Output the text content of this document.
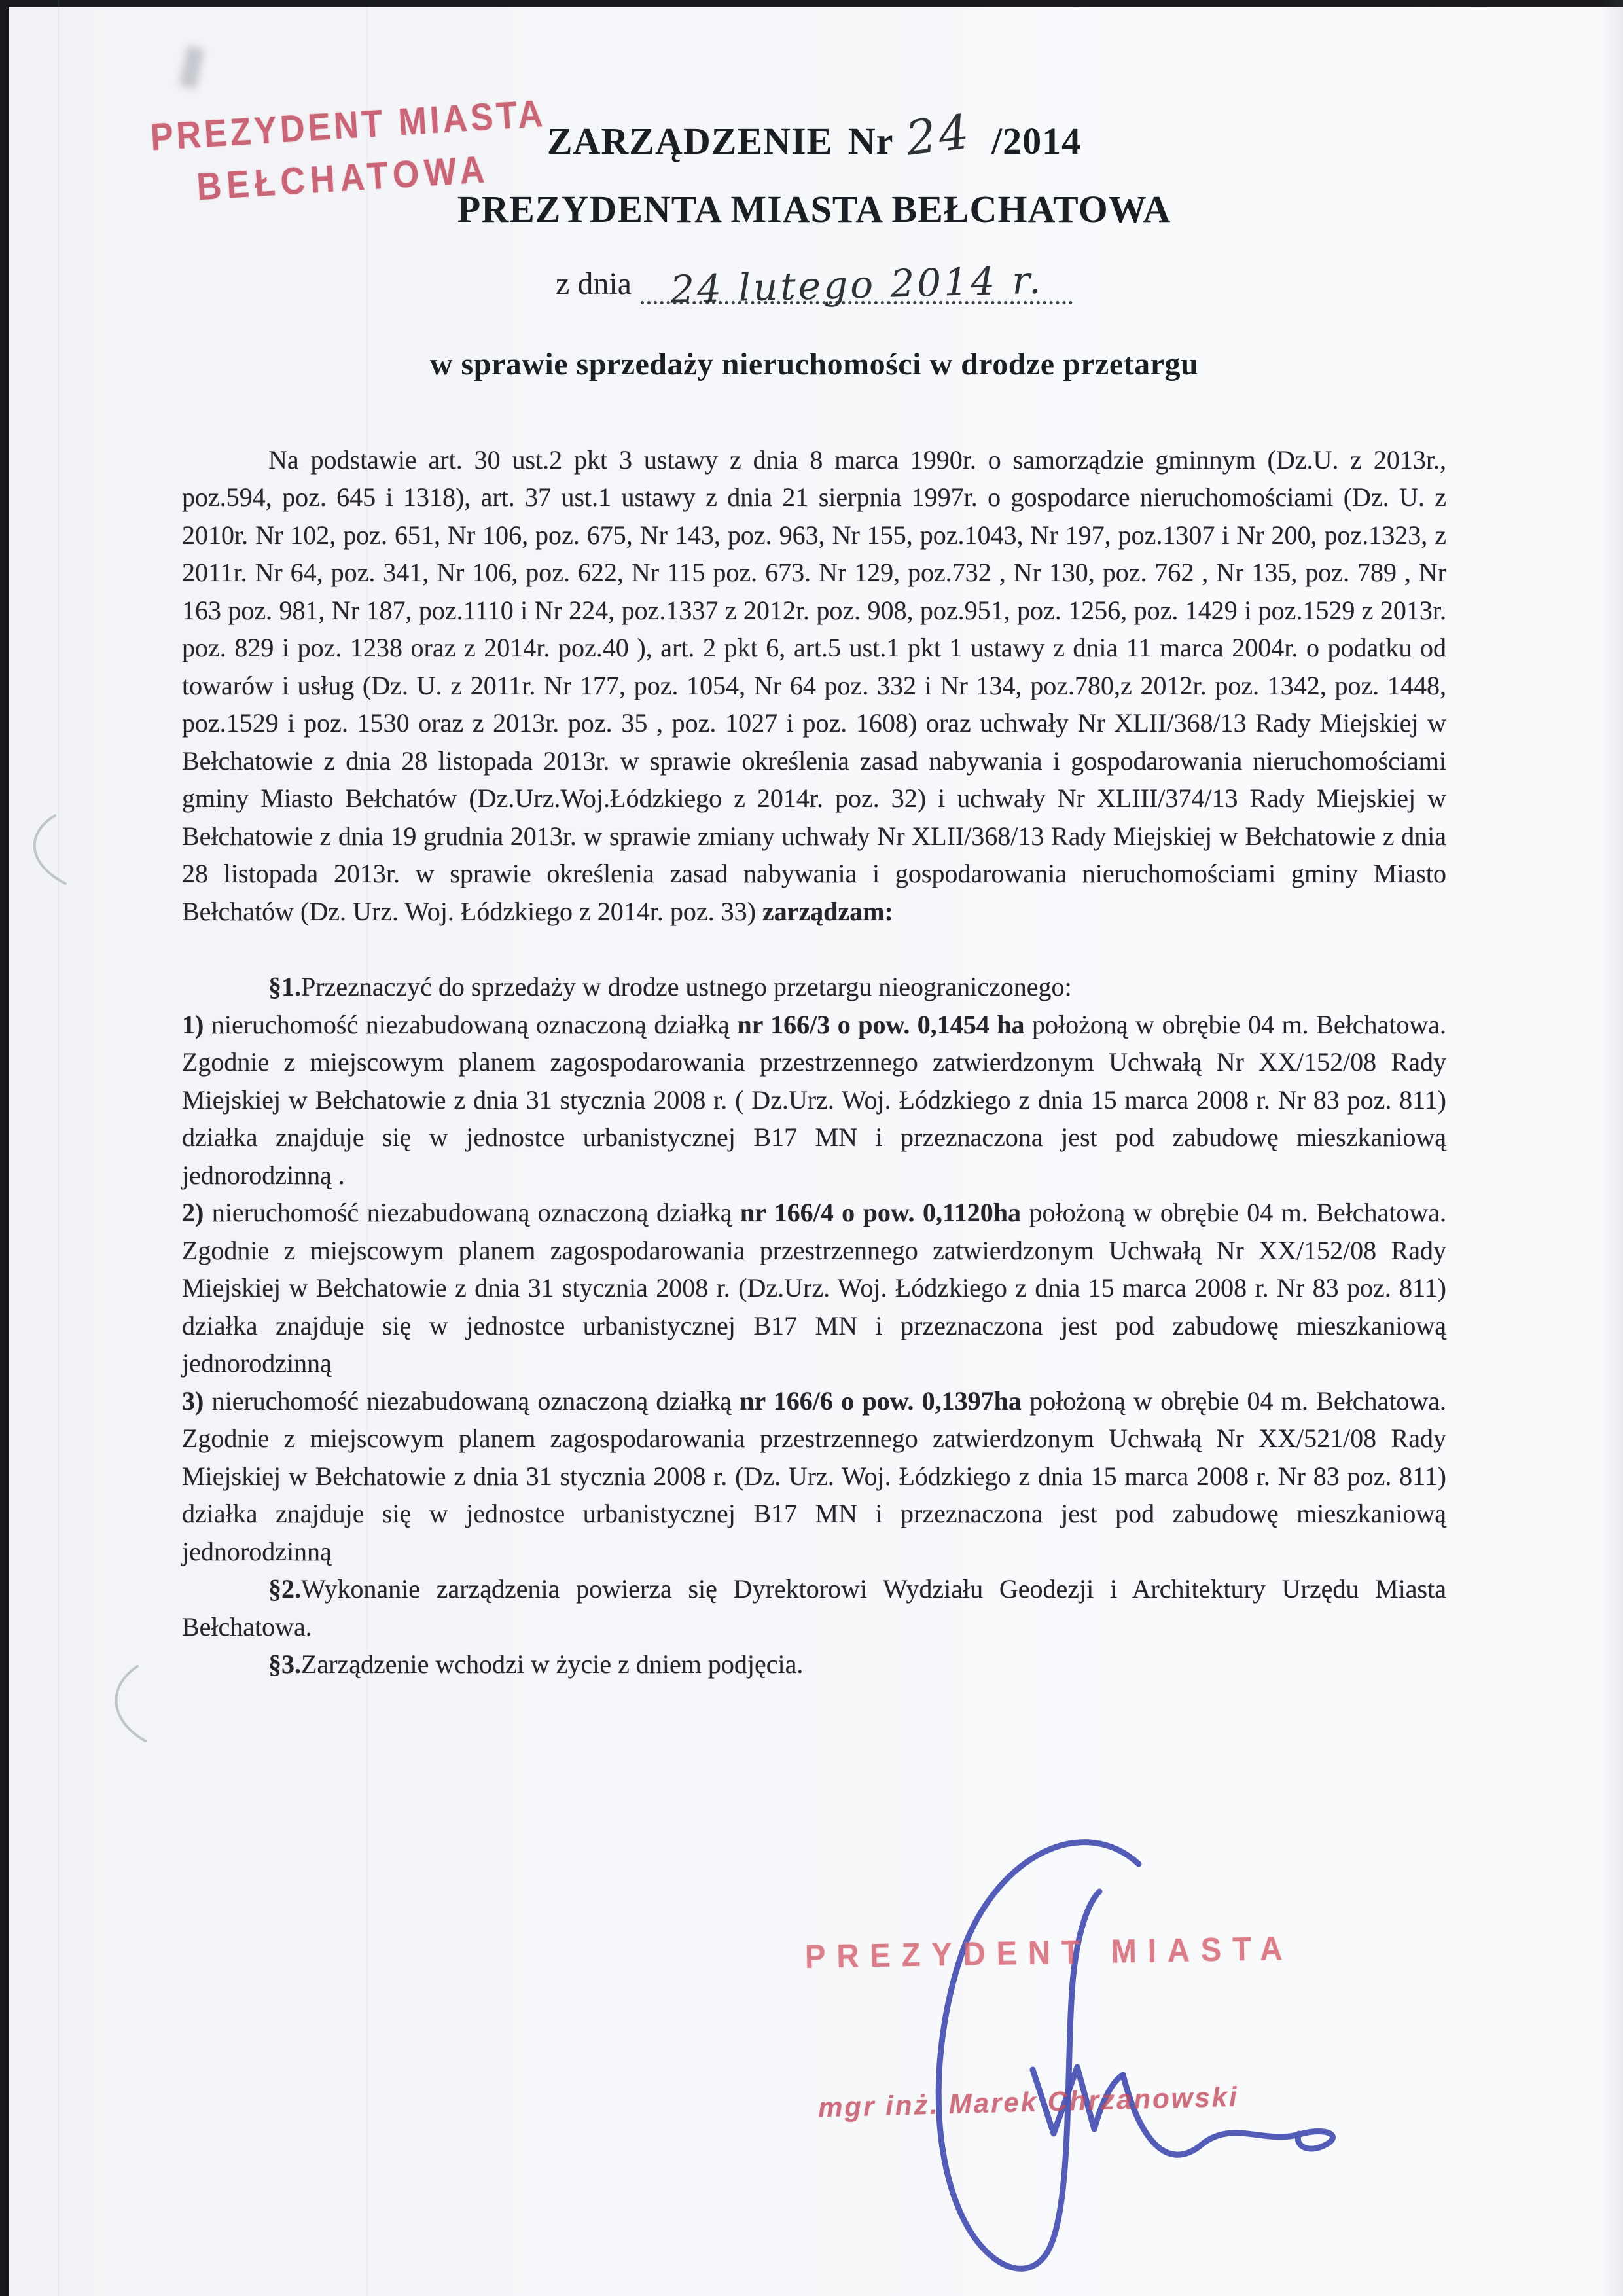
PREZYDENT MIASTA
BEŁCHATOWA
ZARZĄDZENIE Nr 24 /2014
PREZYDENTA MIASTA BEŁCHATOWA
z dnia 24 lutego 2014 r.
w sprawie sprzedaży nieruchomości w drodze przetargu

Na podstawie art. 30 ust.2 pkt 3 ustawy z dnia 8 marca 1990r. o samorządzie gminnym (Dz.U. z 2013r., poz.594, poz. 645 i 1318), art. 37 ust.1 ustawy z dnia 21 sierpnia 1997r. o gospodarce nieruchomościami (Dz. U. z 2010r. Nr 102, poz. 651, Nr 106, poz. 675, Nr 143, poz. 963, Nr 155, poz.1043, Nr 197, poz.1307 i Nr 200, poz.1323, z 2011r. Nr 64, poz. 341, Nr 106, poz. 622, Nr 115 poz. 673. Nr 129, poz.732 , Nr 130, poz. 762 , Nr 135, poz. 789 , Nr 163 poz. 981, Nr 187, poz.1110 i Nr 224, poz.1337 z 2012r. poz. 908, poz.951, poz. 1256, poz. 1429 i poz.1529 z 2013r. poz. 829 i poz. 1238 oraz z 2014r. poz.40 ), art. 2 pkt 6, art.5 ust.1 pkt 1 ustawy z dnia 11 marca 2004r. o podatku od towarów i usług (Dz. U. z 2011r. Nr 177, poz. 1054, Nr 64 poz. 332 i Nr 134, poz.780,z 2012r. poz. 1342, poz. 1448, poz.1529 i poz. 1530 oraz z 2013r. poz. 35 , poz. 1027 i poz. 1608) oraz uchwały Nr XLII/368/13 Rady Miejskiej w Bełchatowie z dnia 28 listopada 2013r. w sprawie określenia zasad nabywania i gospodarowania nieruchomościami gminy Miasto Bełchatów (Dz.Urz.Woj.Łódzkiego z 2014r. poz. 32) i uchwały Nr XLIII/374/13 Rady Miejskiej w Bełchatowie z dnia 19 grudnia 2013r. w sprawie zmiany uchwały Nr XLII/368/13 Rady Miejskiej w Bełchatowie z dnia 28 listopada 2013r. w sprawie określenia zasad nabywania i gospodarowania nieruchomościami gminy Miasto Bełchatów (Dz. Urz. Woj. Łódzkiego z 2014r. poz. 33) zarządzam:

§1.Przeznaczyć do sprzedaży w drodze ustnego przetargu nieograniczonego:

1) nieruchomość niezabudowaną oznaczoną działką nr 166/3 o pow. 0,1454 ha położoną w obrębie 04 m. Bełchatowa. Zgodnie z miejscowym planem zagospodarowania przestrzennego zatwierdzonym Uchwałą Nr XX/152/08 Rady Miejskiej w Bełchatowie z dnia 31 stycznia 2008 r. ( Dz.Urz. Woj. Łódzkiego z dnia 15 marca 2008 r. Nr 83 poz. 811) działka znajduje się w jednostce urbanistycznej B17 MN i przeznaczona jest pod zabudowę mieszkaniową jednorodzinną .

2) nieruchomość niezabudowaną oznaczoną działką nr 166/4 o pow. 0,1120ha położoną w obrębie 04 m. Bełchatowa. Zgodnie z miejscowym planem zagospodarowania przestrzennego zatwierdzonym Uchwałą Nr XX/152/08 Rady Miejskiej w Bełchatowie z dnia 31 stycznia 2008 r. (Dz.Urz. Woj. Łódzkiego z dnia 15 marca 2008 r. Nr 83 poz. 811) działka znajduje się w jednostce urbanistycznej B17 MN i przeznaczona jest pod zabudowę mieszkaniową jednorodzinną

3) nieruchomość niezabudowaną oznaczoną działką nr 166/6 o pow. 0,1397ha położoną w obrębie 04 m. Bełchatowa. Zgodnie z miejscowym planem zagospodarowania przestrzennego zatwierdzonym Uchwałą Nr XX/521/08 Rady Miejskiej w Bełchatowie z dnia 31 stycznia 2008 r. (Dz. Urz. Woj. Łódzkiego z dnia 15 marca 2008 r. Nr 83 poz. 811) działka znajduje się w jednostce urbanistycznej B17 MN i przeznaczona jest pod zabudowę mieszkaniową jednorodzinną

§2.Wykonanie zarządzenia powierza się Dyrektorowi Wydziału Geodezji i Architektury Urzędu Miasta Bełchatowa.

§3.Zarządzenie wchodzi w życie z dniem podjęcia.

PREZYDENT MIASTA
mgr inż. Marek Chrzanowski
